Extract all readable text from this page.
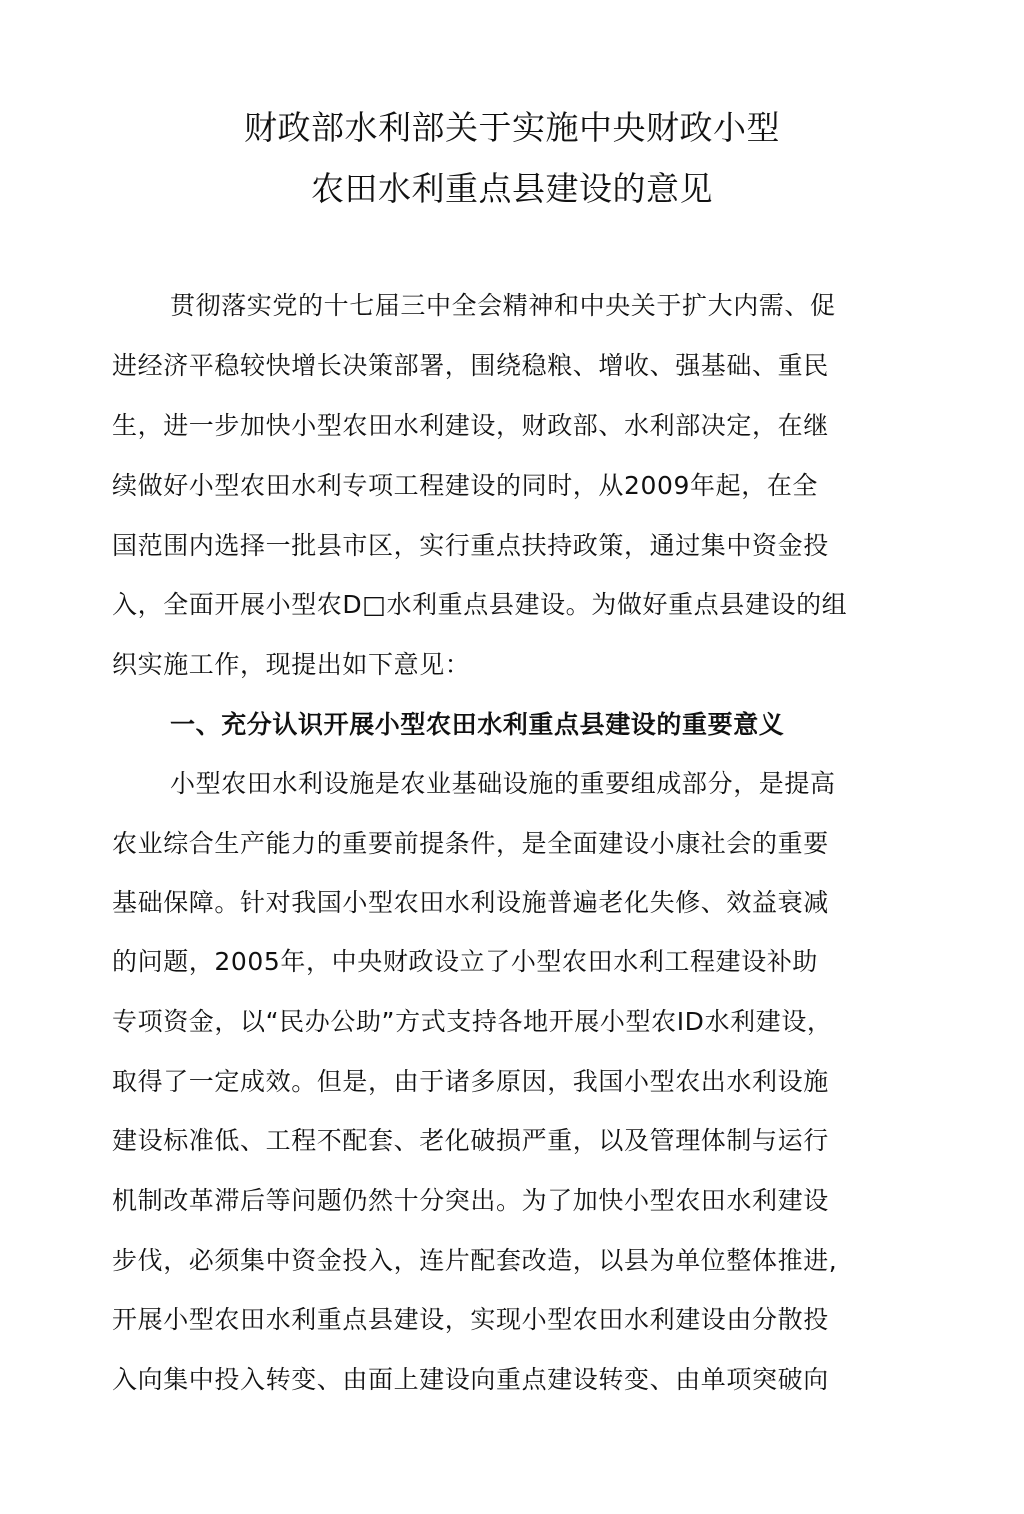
财政部水利部关于实施中央财政小型
农田水利重点县建设的意见
贯彻落实党的十七届三中全会精神和中央关于扩大内需、促
进经济平稳较快增长决策部署，围绕稳粮、增收、强基础、重民
生，进一步加快小型农田水利建设，财政部、水利部决定，在继
续做好小型农田水利专项工程建设的同时，从2009年起，在全
国范围内选择一批县市区，实行重点扶持政策，通过集中资金投
入，全面开展小型农D□水利重点县建设。为做好重点县建设的组
织实施工作，现提出如下意见：
一、充分认识开展小型农田水利重点县建设的重要意义
小型农田水利设施是农业基础设施的重要组成部分，是提高
农业综合生产能力的重要前提条件，是全面建设小康社会的重要
基础保障。针对我国小型农田水利设施普遍老化失修、效益衰减
的问题，2005年，中央财政设立了小型农田水利工程建设补助
专项资金，以“民办公助”方式支持各地开展小型农ID水利建设，
取得了一定成效。但是，由于诸多原因，我国小型农出水利设施
建设标准低、工程不配套、老化破损严重，以及管理体制与运行
机制改革滞后等问题仍然十分突出。为了加快小型农田水利建设
步伐，必须集中资金投入，连片配套改造，以县为单位整体推进,
开展小型农田水利重点县建设，实现小型农田水利建设由分散投
入向集中投入转变、由面上建设向重点建设转变、由单项突破向
